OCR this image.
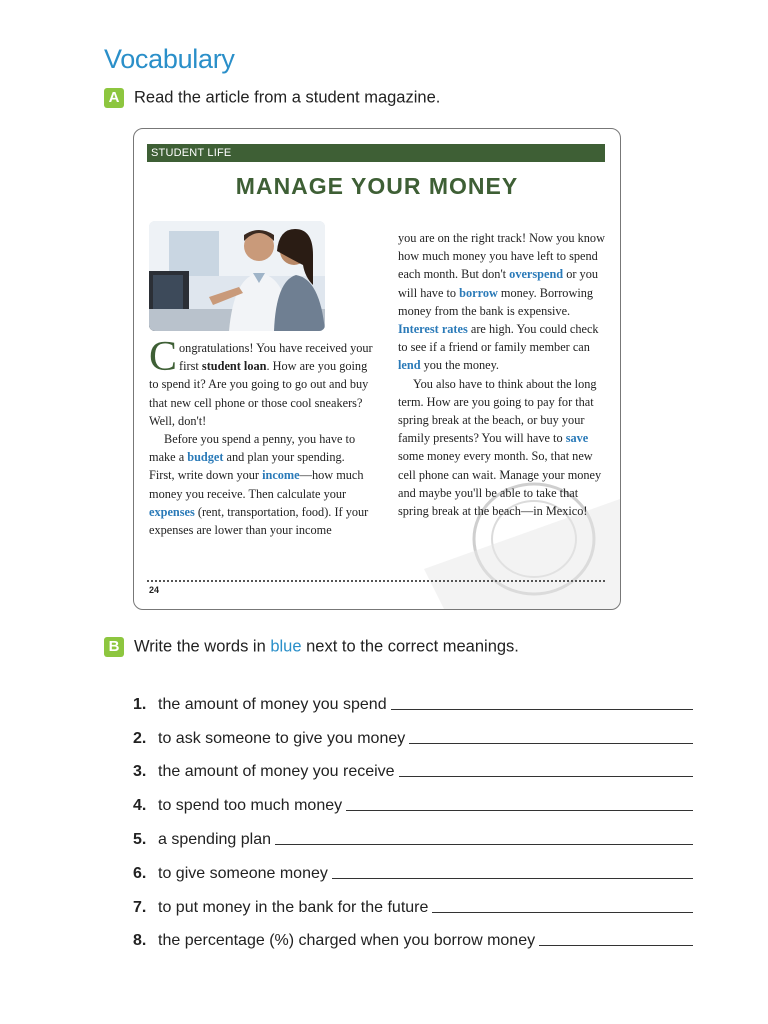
Vocabulary
A Read the article from a student magazine.
STUDENT LIFE
MANAGE YOUR MONEY

Congratulations! You have received your first student loan. How are you going to spend it? Are you going to go out and buy that new cell phone or those cool sneakers? Well, don't!

Before you spend a penny, you have to make a budget and plan your spending. First, write down your income—how much money you receive. Then calculate your expenses (rent, transportation, food). If your expenses are lower than your income

you are on the right track! Now you know how much money you have left to spend each month. But don't overspend or you will have to borrow money. Borrowing money from the bank is expensive. Interest rates are high. You could check to see if a friend or family member can lend you the money.

You also have to think about the long term. How are you going to pay for that spring break at the beach, or buy your family presents? You will have to save some money every month. So, that new cell phone can wait. Manage your money and maybe you'll be able to take that spring break at the beach—in Mexico!

24
B Write the words in blue next to the correct meanings.
1. the amount of money you spend
2. to ask someone to give you money
3. the amount of money you receive
4. to spend too much money
5. a spending plan
6. to give someone money
7. to put money in the bank for the future
8. the percentage (%) charged when you borrow money
